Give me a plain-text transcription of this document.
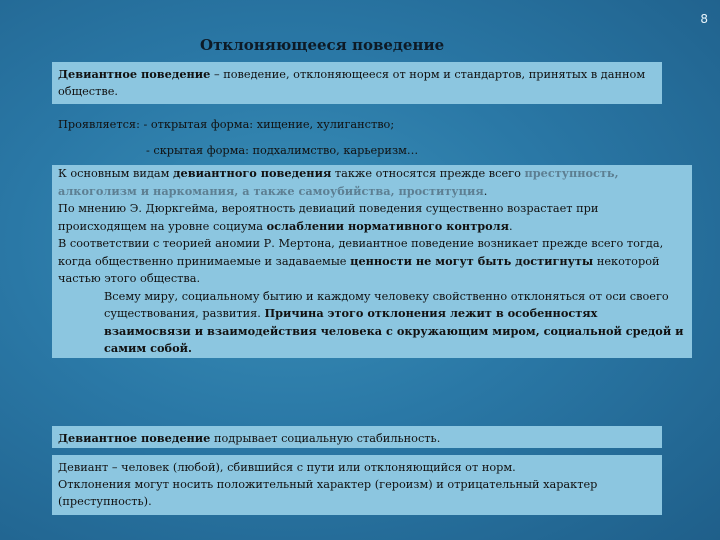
8
Отклоняющееся поведение
Девиантное поведение – поведение, отклоняющееся от норм и стандартов, принятых в данном обществе.
Проявляется: - открытая форма: хищение, хулиганство;
- скрытая форма: подхалимство, карьеризм…
К основным видам девиантного поведения также относятся прежде всего преступность, алкоголизм и наркомания, а также самоубийства, проституция.
По мнению Э. Дюркгейма, вероятность девиаций поведения существенно возрастает при происходящем на уровне социума ослаблении нормативного контроля.
В соответствии с теорией аномии Р. Мертона, девиантное поведение возникает прежде всего тогда, когда общественно принимаемые и задаваемые ценности не могут быть достигнуты некоторой частью этого общества.
Всему миру, социальному бытию и каждому человеку свойственно отклоняться от оси своего существования, развития. Причина этого отклонения лежит в особенностях взаимосвязи и взаимодействия человека с окружающим миром, социальной средой и самим собой.
Девиантное поведение подрывает социальную стабильность.
Девиант – человек (любой), сбившийся с пути или отклоняющийся от норм.
Отклонения могут носить положительный характер (героизм) и отрицательный характер (преступность).
